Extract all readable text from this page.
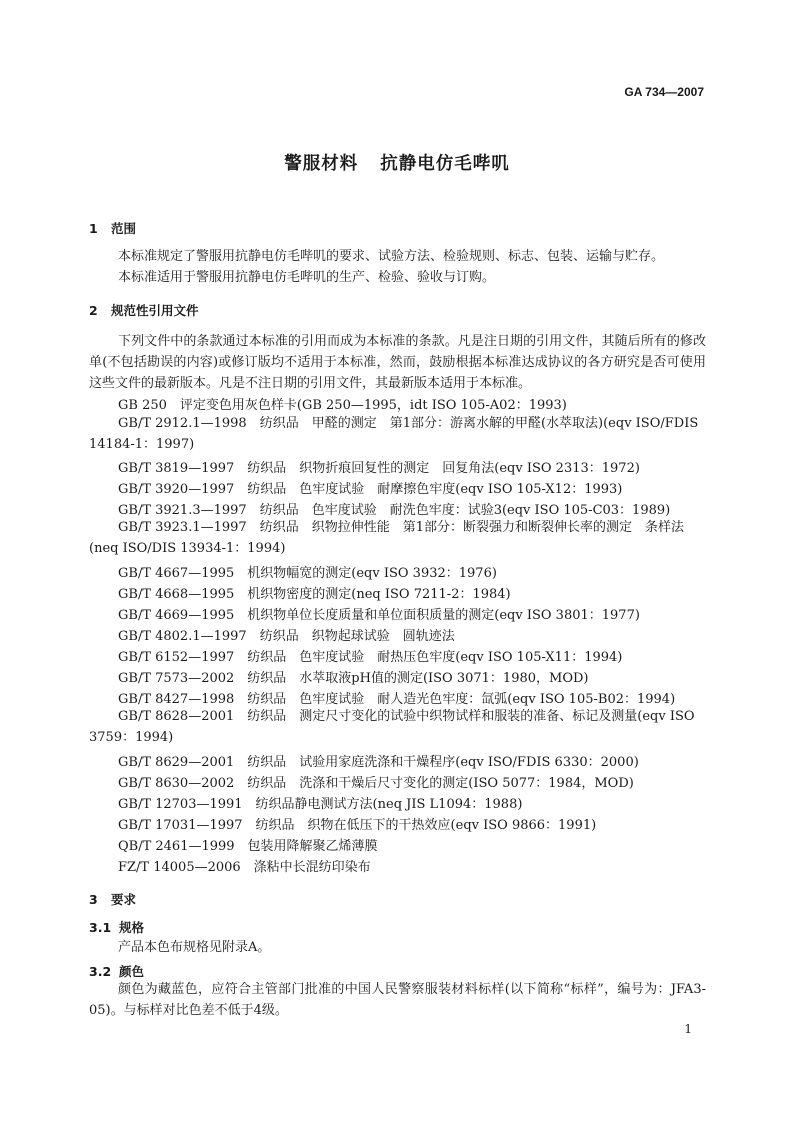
GA 734—2007
警服材料 抗静电仿毛哔叽
1 范围
本标准规定了警服用抗静电仿毛哔叽的要求、试验方法、检验规则、标志、包装、运输与贮存。
本标准适用于警服用抗静电仿毛哔叽的生产、检验、验收与订购。
2 规范性引用文件
下列文件中的条款通过本标准的引用而成为本标准的条款。凡是注日期的引用文件，其随后所有的修改单(不包括勘误的内容)或修订版均不适用于本标准，然而，鼓励根据本标准达成协议的各方研究是否可使用这些文件的最新版本。凡是不注日期的引用文件，其最新版本适用于本标准。
GB 250　评定变色用灰色样卡(GB 250—1995，idt ISO 105-A02：1993)
GB/T 2912.1—1998　纺织品　甲醛的测定　第1部分：游离水解的甲醛(水萃取法)(eqv ISO/FDIS 14184-1：1997)
GB/T 3819—1997　纺织品　织物折痕回复性的测定　回复角法(eqv ISO 2313：1972)
GB/T 3920—1997　纺织品　色牢度试验　耐摩擦色牢度(eqv ISO 105-X12：1993)
GB/T 3921.3—1997　纺织品　色牢度试验　耐洗色牢度：试验3(eqv ISO 105-C03：1989)
GB/T 3923.1—1997　纺织品　织物拉伸性能　第1部分：断裂强力和断裂伸长率的测定　条样法(neq ISO/DIS 13934-1：1994)
GB/T 4667—1995　机织物幅宽的测定(eqv ISO 3932：1976)
GB/T 4668—1995　机织物密度的测定(neq ISO 7211-2：1984)
GB/T 4669—1995　机织物单位长度质量和单位面积质量的测定(eqv ISO 3801：1977)
GB/T 4802.1—1997　纺织品　织物起球试验　圆轨迹法
GB/T 6152—1997　纺织品　色牢度试验　耐热压色牢度(eqv ISO 105-X11：1994)
GB/T 7573—2002　纺织品　水萃取液pH值的测定(ISO 3071：1980，MOD)
GB/T 8427—1998　纺织品　色牢度试验　耐人造光色牢度：氙弧(eqv ISO 105-B02：1994)
GB/T 8628—2001　纺织品　测定尺寸变化的试验中织物试样和服装的准备、标记及测量(eqv ISO 3759：1994)
GB/T 8629—2001　纺织品　试验用家庭洗涤和干燥程序(eqv ISO/FDIS 6330：2000)
GB/T 8630—2002　纺织品　洗涤和干燥后尺寸变化的测定(ISO 5077：1984，MOD)
GB/T 12703—1991　纺织品静电测试方法(neq JIS L1094：1988)
GB/T 17031—1997　纺织品　织物在低压下的干热效应(eqv ISO 9866：1991)
QB/T 2461—1999　包装用降解聚乙烯薄膜
FZ/T 14005—2006　涤粘中长混纺印染布
3 要求
3.1 规格
产品本色布规格见附录A。
3.2 颜色
颜色为藏蓝色，应符合主管部门批准的中国人民警察服装材料标样(以下简称“标样”，编号为：JFA3-05)。与标样对比色差不低于4级。
1
